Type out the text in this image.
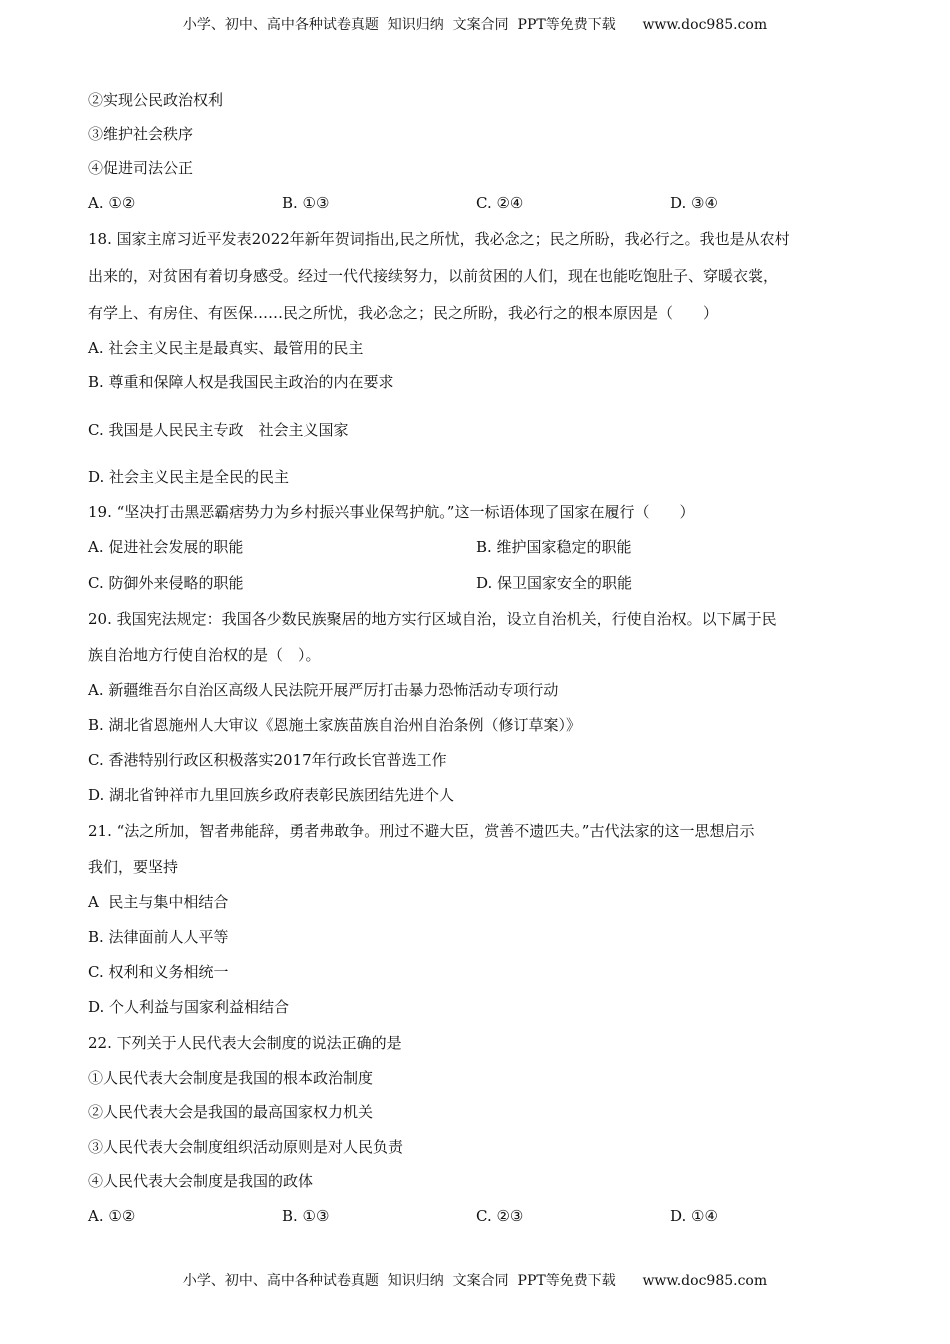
小学、初中、高中各种试卷真题  知识归纳  文案合同  PPT等免费下载      www.doc985.com
②实现公民政治权利
③维护社会秩序
④促进司法公正
A. ①②	B. ①③	C. ②④	D. ③④
18. 国家主席习近平发表2022年新年贺词指出,民之所忧，我必念之；民之所盼，我必行之。我也是从农村
出来的，对贫困有着切身感受。经过一代代接续努力，以前贫困的人们，现在也能吃饱肚子、穿暖衣裳，
有学上、有房住、有医保……民之所忧，我必念之；民之所盼，我必行之的根本原因是（　　）
A. 社会主义民主是最真实、最管用的民主
B. 尊重和保障人权是我国民主政治的内在要求
C. 我国是人民民主专政　社会主义国家
D. 社会主义民主是全民的民主
19. “坚决打击黑恶霸痞势力为乡村振兴事业保驾护航。”这一标语体现了国家在履行（　　）
A. 促进社会发展的职能	B. 维护国家稳定的职能
C. 防御外来侵略的职能	D. 保卫国家安全的职能
20. 我国宪法规定：我国各少数民族聚居的地方实行区域自治，设立自治机关，行使自治权。以下属于民
族自治地方行使自治权的是（　）。
A. 新疆维吾尔自治区高级人民法院开展严厉打击暴力恐怖活动专项行动
B. 湖北省恩施州人大审议《恩施土家族苗族自治州自治条例（修订草案）》
C. 香港特别行政区积极落实2017年行政长官普选工作
D. 湖北省钟祥市九里回族乡政府表彰民族团结先进个人
21. “法之所加，智者弗能辞，勇者弗敢争。刑过不避大臣，赏善不遗匹夫。”古代法家的这一思想启示
我们，要坚持
A  民主与集中相结合
B. 法律面前人人平等
C. 权利和义务相统一
D. 个人利益与国家利益相结合
22. 下列关于人民代表大会制度的说法正确的是
①人民代表大会制度是我国的根本政治制度
②人民代表大会是我国的最高国家权力机关
③人民代表大会制度组织活动原则是对人民负责
④人民代表大会制度是我国的政体
A. ①②	B. ①③	C. ②③	D. ①④
小学、初中、高中各种试卷真题  知识归纳  文案合同  PPT等免费下载      www.doc985.com
